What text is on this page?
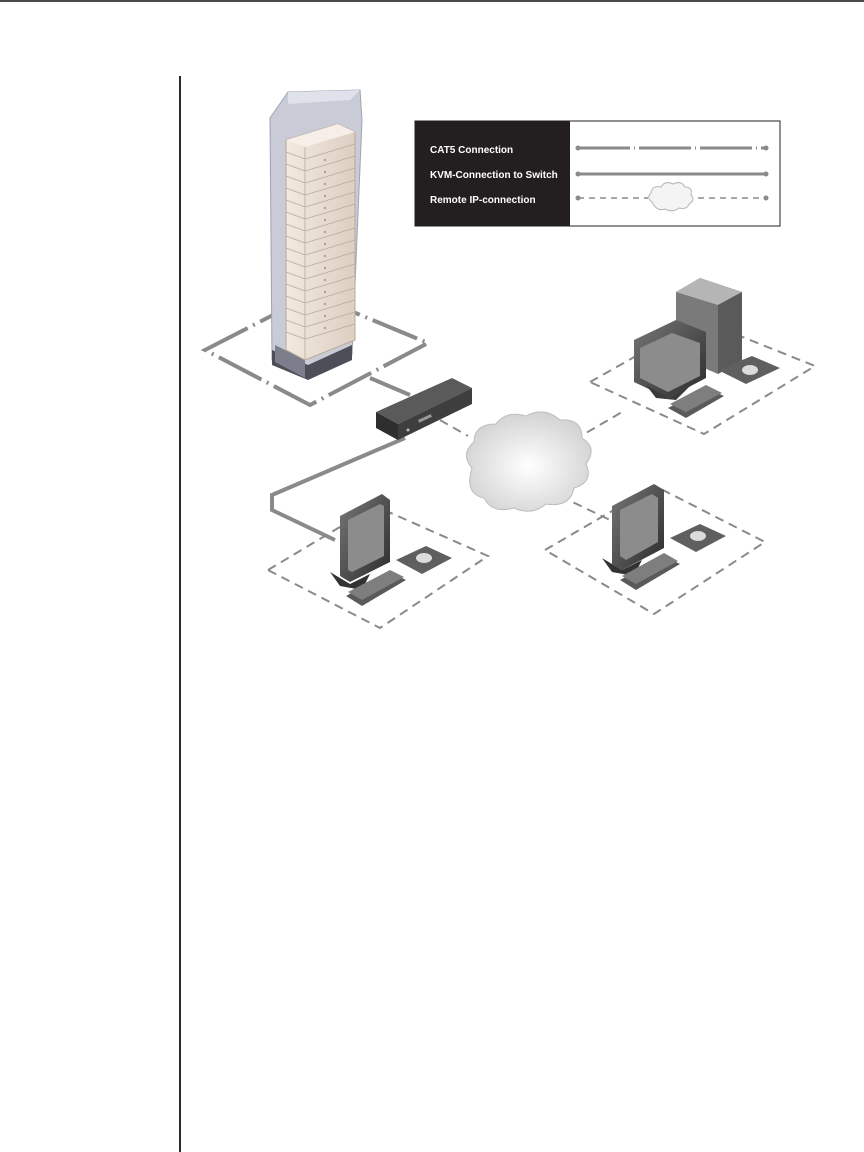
CAT5 Connection
KVM-Connection to Switch
Remote IP-connection
